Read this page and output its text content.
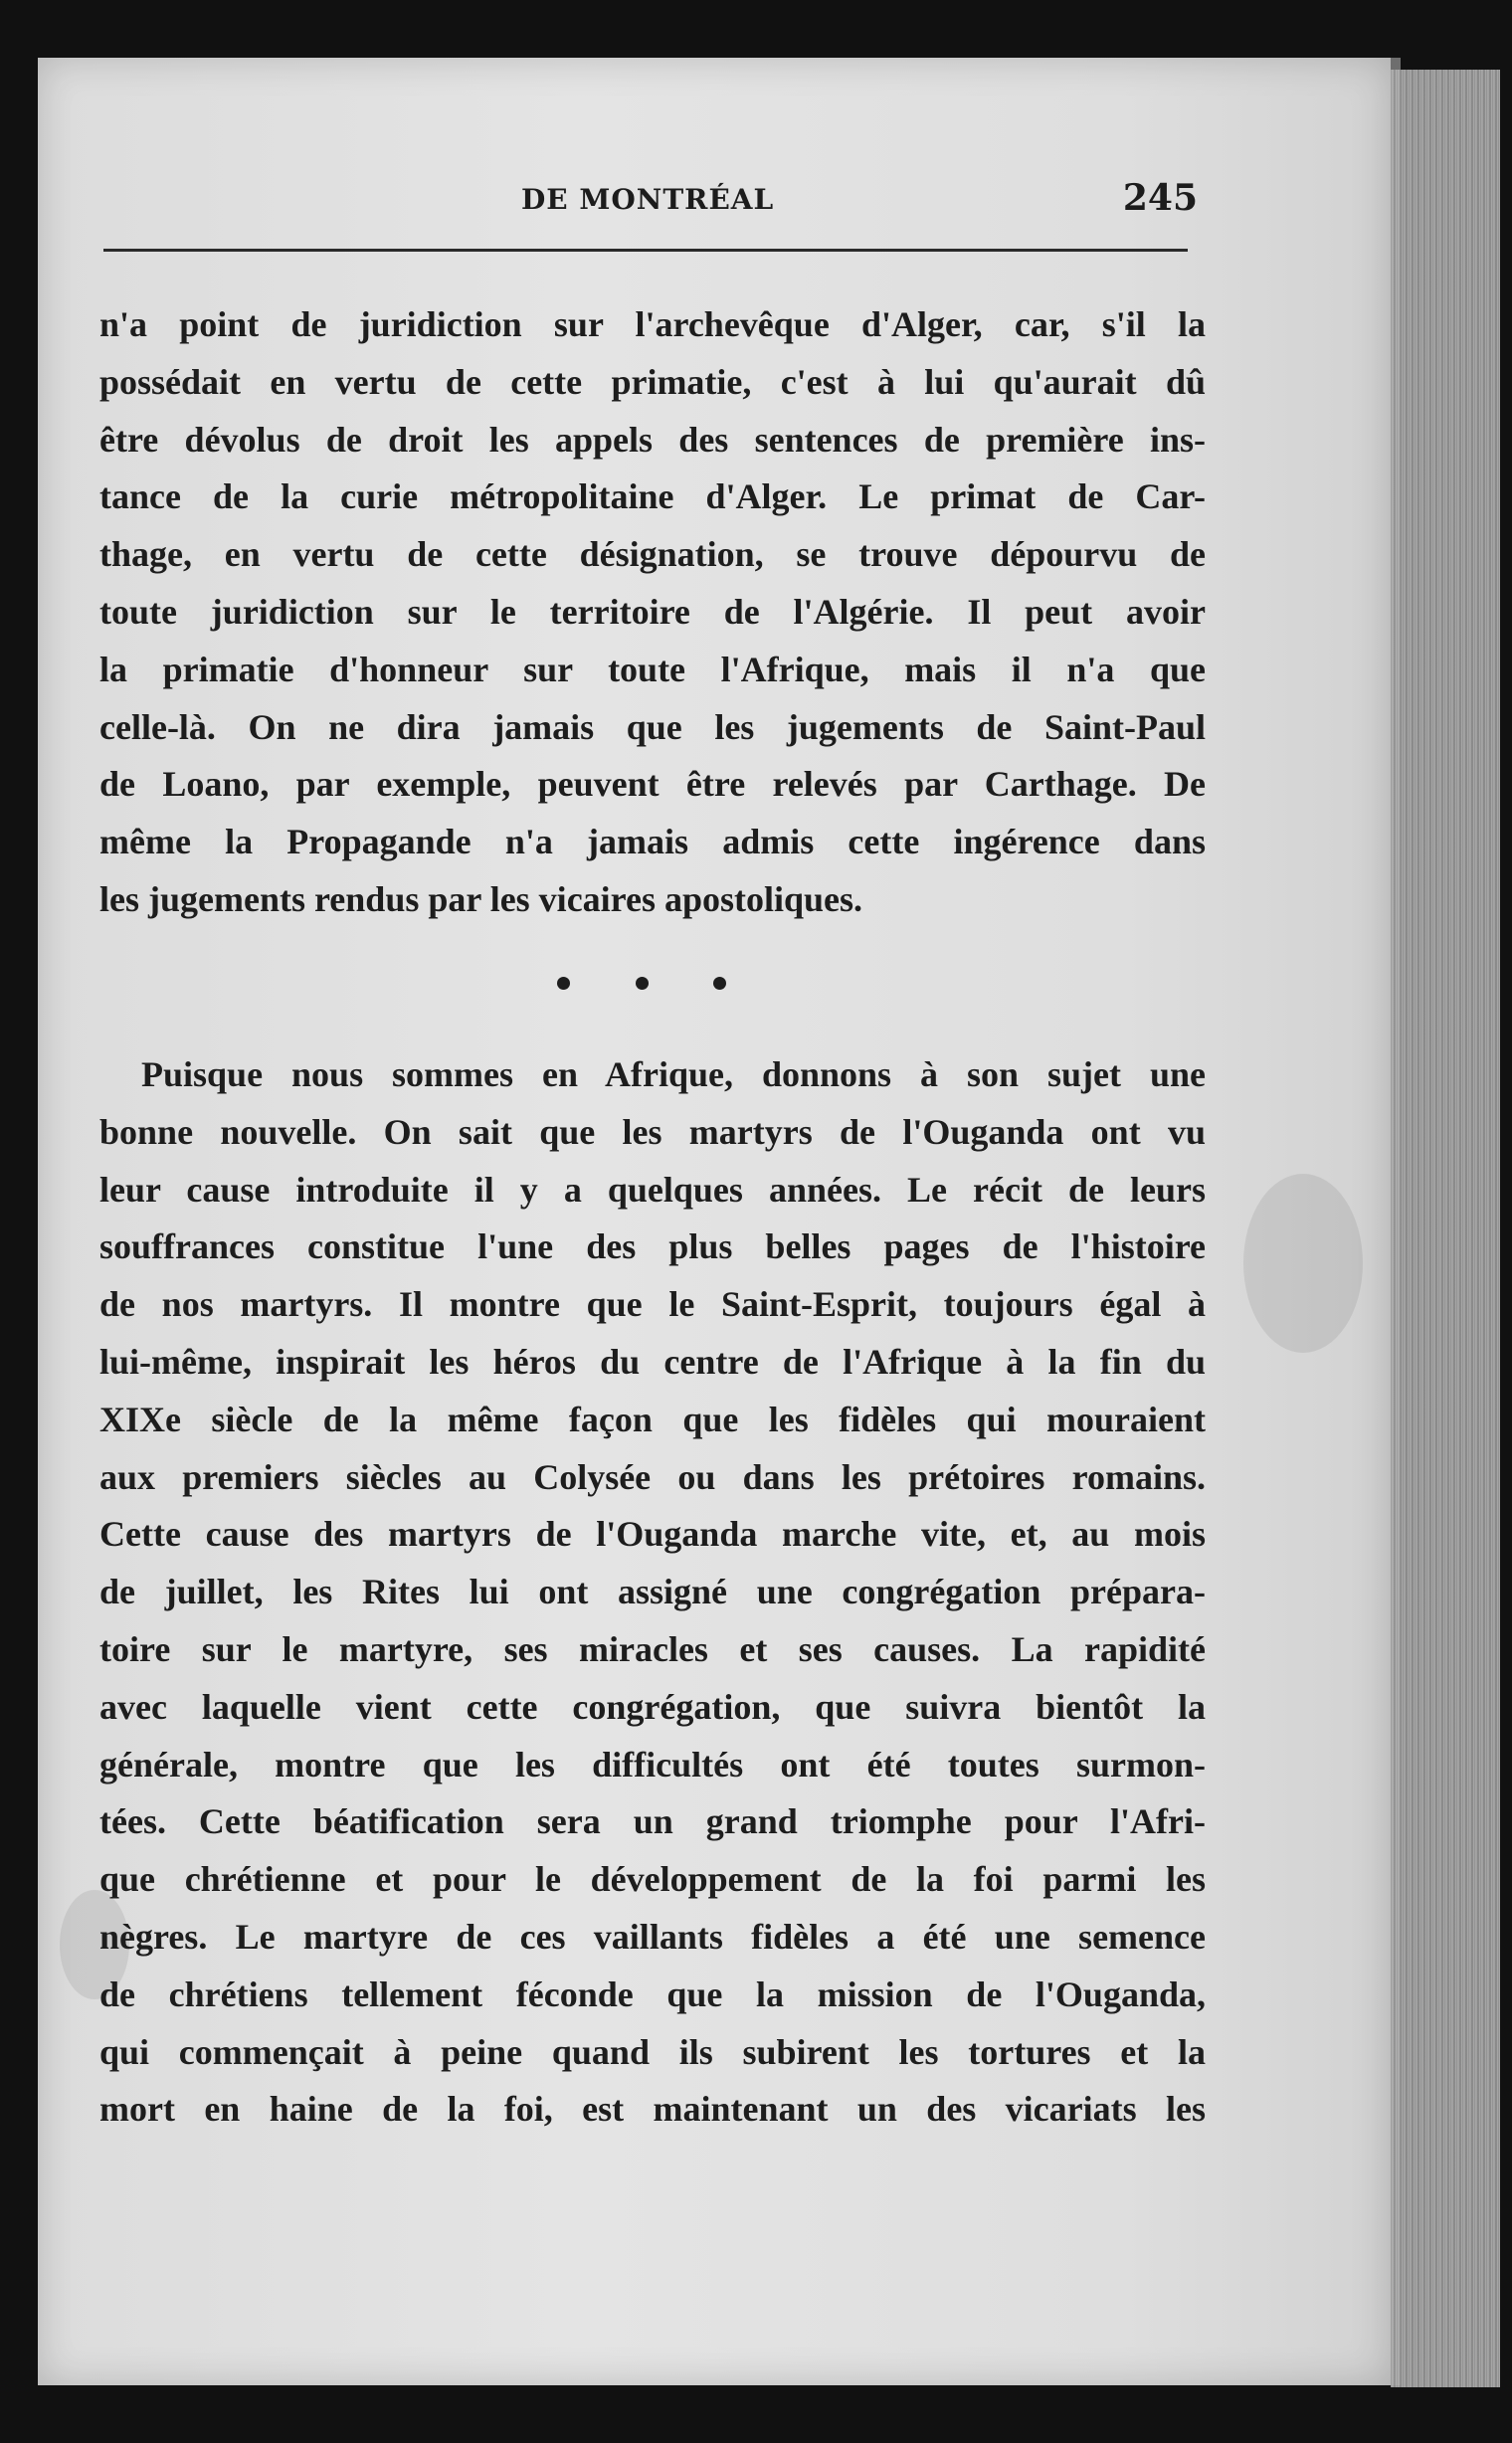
DE MONTRÉAL	245
n'a point de juridiction sur l'archevêque d'Alger, car, s'il la
possédait en vertu de cette primatie, c'est à lui qu'aurait dû
être dévolus de droit les appels des sentences de première ins-
tance de la curie métropolitaine d'Alger. Le primat de Car-
thage, en vertu de cette désignation, se trouve dépourvu de
toute juridiction sur le territoire de l'Algérie. Il peut avoir
la primatie d'honneur sur toute l'Afrique, mais il n'a que
celle-là. On ne dira jamais que les jugements de Saint-Paul
de Loano, par exemple, peuvent être relevés par Carthage. De
même la Propagande n'a jamais admis cette ingérence dans
les jugements rendus par les vicaires apostoliques.
Puisque nous sommes en Afrique, donnons à son sujet une
bonne nouvelle. On sait que les martyrs de l'Ouganda ont vu
leur cause introduite il y a quelques années. Le récit de leurs
souffrances constitue l'une des plus belles pages de l'histoire
de nos martyrs. Il montre que le Saint-Esprit, toujours égal à
lui-même, inspirait les héros du centre de l'Afrique à la fin du
XIXe siècle de la même façon que les fidèles qui mouraient
aux premiers siècles au Colysée ou dans les prétoires romains.
Cette cause des martyrs de l'Ouganda marche vite, et, au mois
de juillet, les Rites lui ont assigné une congrégation prépara-
toire sur le martyre, ses miracles et ses causes. La rapidité
avec laquelle vient cette congrégation, que suivra bientôt la
générale, montre que les difficultés ont été toutes surmon-
tées. Cette béatification sera un grand triomphe pour l'Afri-
que chrétienne et pour le développement de la foi parmi les
nègres. Le martyre de ces vaillants fidèles a été une semence
de chrétiens tellement féconde que la mission de l'Ouganda,
qui commençait à peine quand ils subirent les tortures et la
mort en haine de la foi, est maintenant un des vicariats les
